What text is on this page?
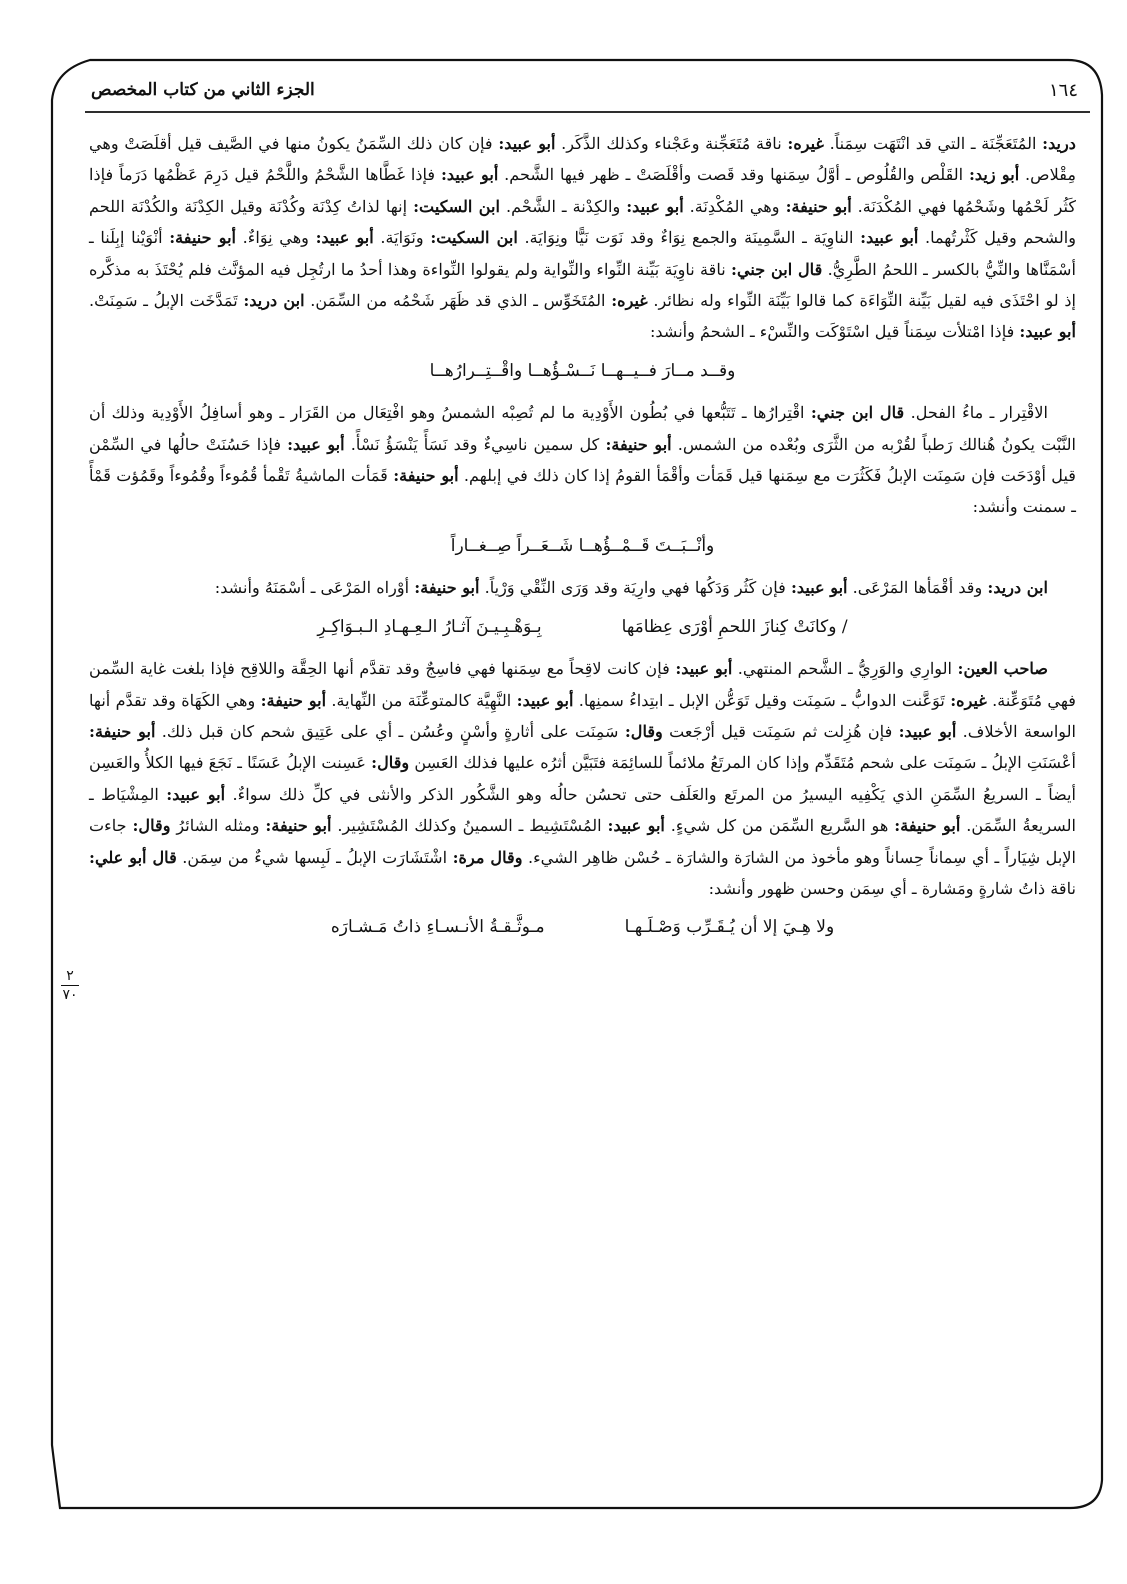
١٦٤
الجزء الثاني من كتاب المخصص

دريد: المُتَعَجِّنَة ـ التي قد انْتَهَت سِمَناً. غيره: ناقة مُتَعَجِّنة وعَجْناء وكذلك الذَّكَر. أبو عبيد: فإن كان ذلك السِّمَنُ يكونُ منها في الصَّيف قيل أقلَصَتْ وهي مِقْلاص. أبو زيد: القَلْص والقُلُوص ـ أوَّلُ سِمَنها وقد قَصت وأقْلَصَتْ ـ ظهر فيها الشَّحم. أبو عبيد: فإذا غَطَّاها الشَّحْمُ واللَّحْمُ قيل دَرِمَ عَظْمُها دَرَماً فإذا كَثُر لَحْمُها وشَحْمُها فهي المُكْدَنَة. أبو حنيفة: وهي المُكْدِنَة. أبو عبيد: والكِدْنة ـ الشَّحْم. ابن السكيت: إنها لذاتُ كِدْنَة وكُدْنَة وقيل الكِدْنَة والكُدْنَة اللحم والشحم وقيل كَثْرتُهما. أبو عبيد: الناوِيَة ـ السَّمِينَة والجمع نِوَاءٌ وقد نَوَت نَيًّا ونِوَايَة. ابن السكيت: ونَوَايَة. أبو عبيد: وهي نِوَاءٌ. أبو حنيفة: أنْوَيْنا إبِلَنا ـ أسْمَنَّاها والنِّيُّ بالكسر ـ اللحمُ الطَّرِيُّ. قال ابن جني: ناقة ناوِيَة بَيِّنة النِّواء والنِّواية ولم يقولوا النِّواءة وهذا أحدُ ما ارتُجِل فيه المؤنَّث فلم يُحْتَذَ به مذكَّره إذ لو احْتَذَى فيه لقيل بَيِّنة النِّوَاءَة كما قالوا بَيِّنَة النِّواء وله نظائر. غيره: المُتَخَوِّس ـ الذي قد ظَهَر شَحْمُه من السِّمَن. ابن دريد: تَمَدَّخَت الإبلُ ـ سَمِنَتْ. أبو عبيد: فإذا امْتلأت سِمَناً قيل اسْتَوْكَت والنِّسْء ـ الشحمُ وأنشد:

وقــد مــارَ فــيــهــا نَــسْـؤُهــا واقْــتِــرارُهــا

الاقْتِرار ـ ماءُ الفحل. قال ابن جني: اقْتِرارُها ـ تَتَبُّعها في بُطُون الأَوْدِية ما لم تُصِبْه الشمسُ وهو افْتِعَال من القَرَار ـ وهو أسافِلُ الأَوْدِية وذلك أن النَّبْت يكونُ هُنالك رَطباً لقُرْبه من الثَّرَى وبُعْده من الشمس. أبو حنيفة: كل سمين ناسِيءٌ وقد نَسَأً يَنْسَؤُ نَسْأً. أبو عبيد: فإذا حَسُنَتْ حالُها في السِّمْن قيل أوْدَحَت فإن سَمِنَت الإبلُ فَكَثُرَت مع سِمَنها قيل قَمَأت وأقْمَأ القومُ إذا كان ذلك في إبلهم. أبو حنيفة: قَمَأت الماشيةُ تَقْمأ قُمُوءاً وقُمُوءاً وقَمُؤت قَمْأً ـ سمنت وأنشد:

وأنْــبَــتَ قَــمْــؤُهــا شَــعَــراً صِــغــاراً

ابن دريد: وقد أقْمَأها المَرْعَى. أبو عبيد: فإن كَثُر وَدَكُها فهي وارِيَة وقد وَرَى النِّقْي وَرْياً. أبو حنيفة: أوْراه المَرْعَى ـ أسْمَنَهُ وأنشد:

/ وكانَتْ كِنازَ اللحمِ أوْرَى عِظامَها
بِـوَهْـبِـيـنَ آثـارُ الـعِـهـادِ الـبـوَاكِـرِ

صاحب العين: الوارِي والوَرِيُّ ـ الشَّحم المنتهي. أبو عبيد: فإن كانت لاقِحاً مع سِمَنها فهي فاسِجٌ وقد تقدَّم أنها الحِقَّة واللاقِح فإذا بلغت غاية السِّمن فهي مُتَوَعِّنة. غيره: تَوَعَّنت الدوابُّ ـ سَمِنَت وقيل تَوَعُّن الإبل ـ ابتِداءُ سمنِها. أبو عبيد: النَّهِيَّة كالمتوعِّنَة من النِّهاية. أبو حنيفة: وهي الكَهَاة وقد تقدَّم أنها الواسعة الأخلاف. أبو عبيد: فإن هُزِلت ثم سَمِنَت قيل أرْجَعت وقال: سَمِنَت على أثارةٍ وأسْنٍ وعُسُن ـ أي على عَتِيق شحم كان قبل ذلك. أبو حنيفة: أعْسَنَتِ الإبلُ ـ سَمِنَت على شحم مُتَقَدِّم وإذا كان المرتَعُ ملائماً للسائِمَة فتَبَيَّن أثرُه عليها فذلك العَسِن وقال: عَسِنت الإبلُ عَسَنًا ـ نَجَعَ فيها الكلأُ والعَسِن أيضاً ـ السريعُ السِّمَنِ الذي يَكْفِيه اليسيرُ من المرتَع والعَلَف حتى تحسُن حالُه وهو الشَّكُور الذكر والأنثى في كلِّ ذلك سواءٌ. أبو عبيد: المِشْيَاط ـ السريعةُ السِّمَن. أبو حنيفة: هو السَّريع السِّمَن من كل شيءٍ. أبو عبيد: المُسْتَشِيط ـ السمينُ وكذلك المُسْتَشِير. أبو حنيفة: ومثله الشائرُ وقال: جاءت الإبل شِيَاراً ـ أي سِماناً حِساناً وهو مأخوذ من الشارَة والشارَة ـ حُسْن ظاهِر الشيء. وقال مرة: اشْتَشَارَت الإبلُ ـ لَبِسها شيءٌ من سِمَن. قال أبو علي: ناقة ذاتُ شارةٍ ومَشارة ـ أي سِمَن وحسن ظهور وأنشد:

ولا هِـيَ إلا أن يُـقَـرِّب وَصْـلَـهـا
مـوثَّـقـةُ الأنـسـاءِ ذاتُ مَـشـارَه
٢
٧٠
